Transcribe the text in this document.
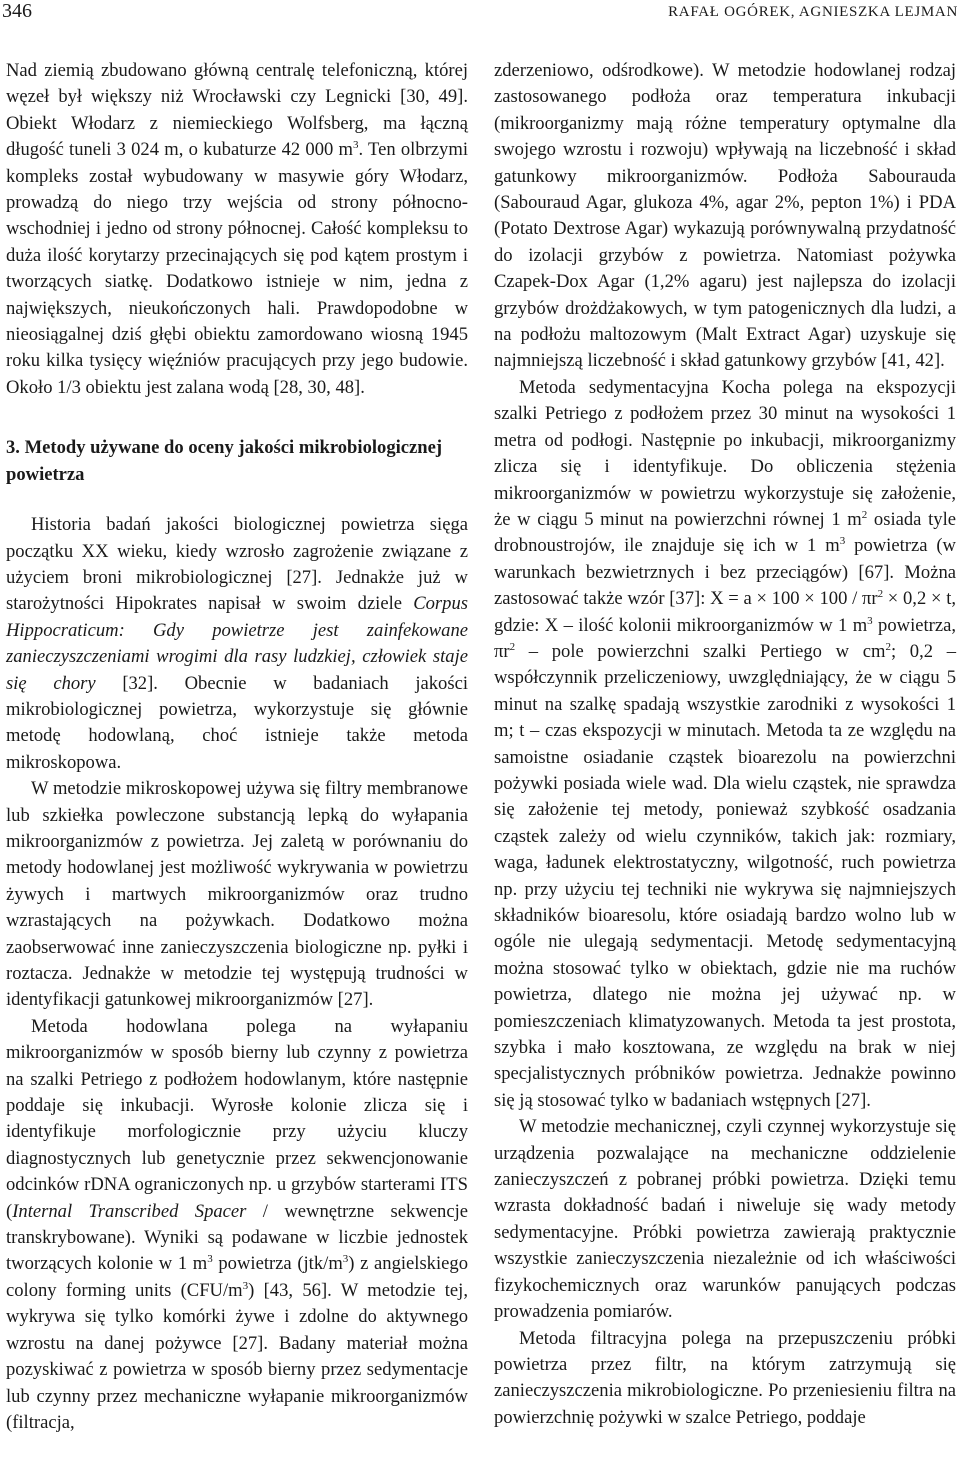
346	RAFAŁ OGÓREK, AGNIESZKA LEJMAN

Nad ziemią zbudowano główną centralę telefoniczną, której węzeł był większy niż Wrocławski czy Legnicki [30, 49]. Obiekt Włodarz z niemieckiego Wolfsberg, ma łączną długość tuneli 3 024 m, o kubaturze 42 000 $m^3$. Ten olbrzymi kompleks został wybudowany w masywie góry Włodarz, prowadzą do niego trzy wejścia od strony północno-wschodniej i jedno od strony północnej. Całość kompleksu to duża ilość korytarzy przecinających się pod kątem prostym i tworzących siatkę. Dodatkowo istnieje w nim, jedna z największych, nieukończonych hali. Prawdopodobne w nieosiągalnej dziś głębi obiektu zamordowano wiosną 1945 roku kilka tysięcy więźniów pracujących przy jego budowie. Około 1/3 obiektu jest zalana wodą [28, 30, 48].

3. Metody używane do oceny jakości mikrobiologicznej powietrza

Historia badań jakości biologicznej powietrza sięga początku XX wieku, kiedy wzrosło zagrożenie związane z użyciem broni mikrobiologicznej [27]. Jednakże już w starożytności Hipokrates napisał w swoim dziele Corpus Hippocraticum: Gdy powietrze jest zainfekowane zanieczyszczeniami wrogimi dla rasy ludzkiej, człowiek staje się chory [32]. Obecnie w badaniach jakości mikrobiologicznej powietrza, wykorzystuje się głównie metodę hodowlaną, choć istnieje także metoda mikroskopowa.

W metodzie mikroskopowej używa się filtry membranowe lub szkiełka powleczone substancją lepką do wyłapania mikroorganizmów z powietrza. Jej zaletą w porównaniu do metody hodowlanej jest możliwość wykrywania w powietrzu żywych i martwych mikroorganizmów oraz trudno wzrastających na pożywkach. Dodatkowo można zaobserwować inne zanieczyszczenia biologiczne np. pyłki i roztacza. Jednakże w metodzie tej występują trudności w identyfikacji gatunkowej mikroorganizmów [27].

Metoda hodowlana polega na wyłapaniu mikroorganizmów w sposób bierny lub czynny z powietrza na szalki Petriego z podłożem hodowlanym, które następnie poddaje się inkubacji. Wyrosłe kolonie zlicza się i identyfikuje morfologicznie przy użyciu kluczy diagnostycznych lub genetycznie przez sekwencjonowanie odcinków rDNA ograniczonych np. u grzybów starterami ITS (Internal Transcribed Spacer / wewnętrzne sekwencje transkrybowane). Wyniki są podawane w liczbie jednostek tworzących kolonie w 1 $m^3$ powietrza $(jtk/m^3)$ z angielskiego colony forming units $(CFU/m^3)$ [43, 56]. W metodzie tej, wykrywa się tylko komórki żywe i zdolne do aktywnego wzrostu na danej pożywce [27]. Badany materiał można pozyskiwać z powietrza w sposób bierny przez sedymentacje lub czynny przez mechaniczne wyłapanie mikroorganizmów (filtracja,

zderzeniowo, odśrodkowe). W metodzie hodowlanej rodzaj zastosowanego podłoża oraz temperatura inkubacji (mikroorganizmy mają różne temperatury optymalne dla swojego wzrostu i rozwoju) wpływają na liczebność i skład gatunkowy mikroorganizmów. Podłoża Sabourauda (Sabouraud Agar, glukoza 4%, agar 2%, pepton 1%) i PDA (Potato Dextrose Agar) wykazują porównywalną przydatność do izolacji grzybów z powietrza. Natomiast pożywka Czapek-Dox Agar (1,2% agaru) jest najlepsza do izolacji grzybów drożdżakowych, w tym patogenicznych dla ludzi, a na podłożu maltozowym (Malt Extract Agar) uzyskuje się najmniejszą liczebność i skład gatunkowy grzybów [41, 42].

Metoda sedymentacyjna Kocha polega na ekspozycji szalki Petriego z podłożem przez 30 minut na wysokości 1 metra od podłogi. Następnie po inkubacji, mikroorganizmy zlicza się i identyfikuje. Do obliczenia stężenia mikroorganizmów w powietrzu wykorzystuje się założenie, że w ciągu 5 minut na powierzchni równej 1 $m^2$ osiada tyle drobnoustrojów, ile znajduje się ich w 1 $m^3$ powietrza (w warunkach bezwietrznych i bez przeciągów) [67]. Można zastosować także wzór [37]: $X = a \times 100 \times 100 / \pi r^2 \times 0,2 \times t$, gdzie: X – ilość kolonii mikroorganizmów w 1 $m^3$ powietrza, $\pi r^2$ – pole powierzchni szalki Pertiego w $cm^2$; 0,2 – współczynnik przeliczeniowy, uwzględniający, że w ciągu 5 minut na szalkę spadają wszystkie zarodniki z wysokości 1 m; t – czas ekspozycji w minutach. Metoda ta ze względu na samoistne osiadanie cząstek bioarezolu na powierzchni pożywki posiada wiele wad. Dla wielu cząstek, nie sprawdza się założenie tej metody, ponieważ szybkość osadzania cząstek zależy od wielu czynników, takich jak: rozmiary, waga, ładunek elektrostatyczny, wilgotność, ruch powietrza np. przy użyciu tej techniki nie wykrywa się najmniejszych składników bioaresolu, które osiadają bardzo wolno lub w ogóle nie ulegają sedymentacji. Metodę sedymentacyjną można stosować tylko w obiektach, gdzie nie ma ruchów powietrza, dlatego nie można jej używać np. w pomieszczeniach klimatyzowanych. Metoda ta jest prostota, szybka i mało kosztowana, ze względu na brak w niej specjalistycznych próbników powietrza. Jednakże powinno się ją stosować tylko w badaniach wstępnych [27].

W metodzie mechanicznej, czyli czynnej wykorzystuje się urządzenia pozwalające na mechaniczne oddzielenie zanieczyszczeń z pobranej próbki powietrza. Dzięki temu wzrasta dokładność badań i niweluje się wady metody sedymentacyjne. Próbki powietrza zawierają praktycznie wszystkie zanieczyszczenia niezależnie od ich właściwości fizykochemicznych oraz warunków panujących podczas prowadzenia pomiarów.

Metoda filtracyjna polega na przepuszczeniu próbki powietrza przez filtr, na którym zatrzymują się zanieczyszczenia mikrobiologiczne. Po przeniesieniu filtra na powierzchnię pożywki w szalce Petriego, poddaje
